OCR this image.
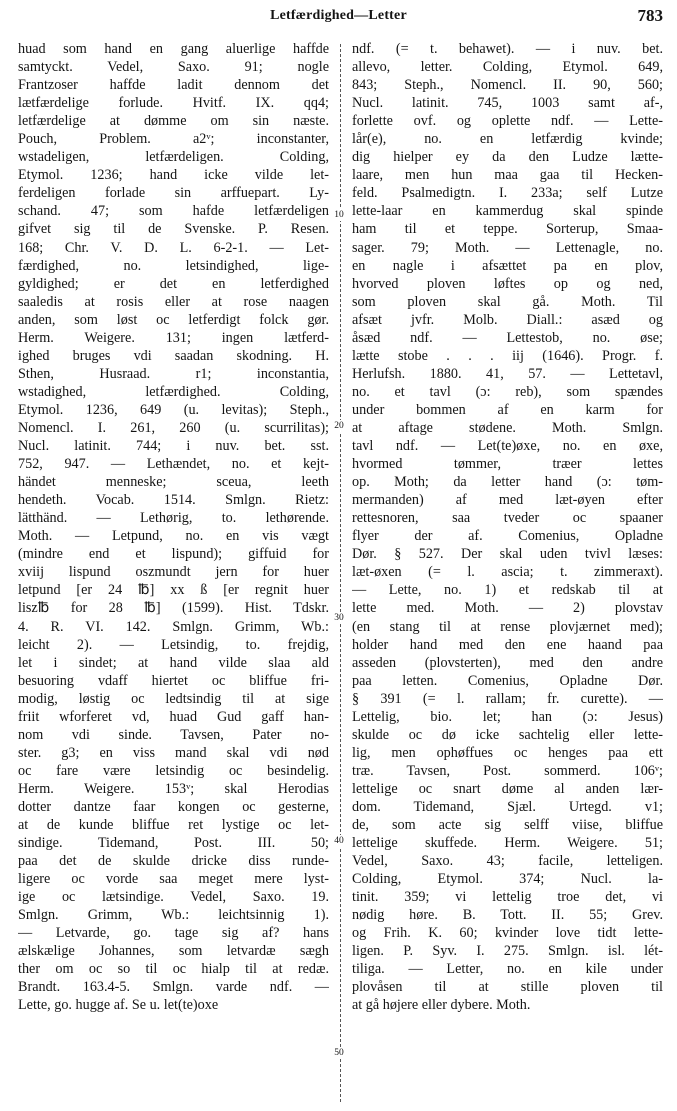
Letfærdighed—Letter	783
huad som hand en gang aluerlige haffde
samtyckt. Vedel, Saxo. 91; nogle
Frantzoser haffde ladit dennom det
lætfærdelige forlude. Hvitf. IX. qq4;
letfærdelige at dømme om sin næste.
Pouch, Problem. a2ᵛ; inconstanter,
wstadeligen, letfærdeligen. Colding,
Etymol. 1236; hand icke vilde let-
ferdeligen forlade sin arffuepart. Ly-
schand. 47; som hafde letfærdeligen
gifvet sig til de Svenske. P. Resen.
168; Chr. V. D. L. 6-2-1. — Let-
færdighed, no. letsindighed, lige-
gyldighed; er det en letferdighed
saaledis at rosis eller at rose naagen
anden, som løst oc letferdigt folck gør.
Herm. Weigere. 131; ingen lætferd-
ighed bruges vdi saadan skodning. H.
Sthen, Husraad. r1; inconstantia,
wstadighed, letfærdighed. Colding,
Etymol. 1236, 649 (u. levitas); Steph.,
Nomencl. I. 261, 260 (u. scurrilitas);
Nucl. latinit. 744; i nuv. bet. sst.
752, 947. — Lethændet, no. et kejt-
händet menneske; sceua, leeth
hendeth. Vocab. 1514. Smlgn. Rietz:
lätthänd. — Lethørig, to. lethørende.
Moth. — Letpund, no. en vis vægt
(mindre end et lispund); giffuid for
xviij lispund oszmundt jern for huer
letpund [er 24 ℔] xx ß [er regnit huer
lisz℔ for 28 ℔] (1599). Hist. Tdskr.
4. R. VI. 142. Smlgn. Grimm, Wb.:
leicht 2). — Letsindig, to. frejdig,
let i sindet; at hand vilde slaa ald
besuoring vdaff hiertet oc bliffue fri-
modig, løstig oc ledtsindig til at sige
friit wforferet vd, huad Gud gaff han-
nom vdi sinde. Tavsen, Pater no-
ster. g3; en viss mand skal vdi nød
oc fare være letsindig oc besindelig.
Herm. Weigere. 153ᵛ; skal Herodias
dotter dantze faar kongen oc gesterne,
at de kunde bliffue ret lystige oc let-
sindige. Tidemand, Post. III. 50;
paa det de skulde dricke diss runde-
ligere oc vorde saa meget mere lyst-
ige oc lætsindige. Vedel, Saxo. 19.
Smlgn. Grimm, Wb.: leichtsinnig 1).
— Letvarde, go. tage sig af? hans
ælskælige Johannes, som letvardæ sægh
ther om oc so til oc hialp til at redæ.
Brandt. 163.4-5. Smlgn. varde ndf. —
Lette, go. hugge af. Se u. let(te)oxe
ndf. (= t. behawet). — i nuv. bet.
allevo, letter. Colding, Etymol. 649,
843; Steph., Nomencl. II. 90, 560;
Nucl. latinit. 745, 1003 samt af-,
forlette ovf. og oplette ndf. — Lette-
lår(e), no. en letfærdig kvinde;
dig hielper ey da den Ludze lætte-
laare, men hun maa gaa til Hecken-
feld. Psalmedigtn. I. 233a; self Lutze
lette-laar en kammerdug skal spinde
ham til et teppe. Sorterup, Smaa-
sager. 79; Moth. — Lettenagle, no.
en nagle i afsættet pa en plov,
hvorved ploven løftes op og ned,
som ploven skal gå. Moth. Til
afsæt jvfr. Molb. Diall.: asæd og
åsæd ndf. — Lettestob, no. øse;
lætte stobe . . . iij (1646). Progr. f.
Herlufsh. 1880. 41, 57. — Lettetavl,
no. et tavl (ɔ: reb), som spændes
under bommen af en karm for
at aftage stødene. Moth. Smlgn.
tavl ndf. — Let(te)øxe, no. en øxe,
hvormed tømmer, træer lettes
op. Moth; da letter hand (ɔ: tøm-
mermanden) af med læt-øyen efter
rettesnoren, saa tveder oc spaaner
flyer der af. Comenius, Opladne
Dør. § 527. Der skal uden tvivl læses:
læt-øxen (= l. ascia; t. zimmeraxt).
— Lette, no. 1) et redskab til at
lette med. Moth. — 2) plovstav
(en stang til at rense plovjærnet med);
holder hand med den ene haand paa
asseden (plovsterten), med den andre
paa letten. Comenius, Opladne Dør.
§ 391 (= l. rallam; fr. curette). —
Lettelig, bio. let; han (ɔ: Jesus)
skulde oc dø icke sachtelig eller lette-
lig, men ophøffues oc henges paa ett
træ. Tavsen, Post. sommerd. 106ᵛ;
lettelige oc snart døme al anden lær-
dom. Tidemand, Sjæl. Urtegd. v1;
de, som acte sig selff viise, bliffue
lettelige skuffede. Herm. Weigere. 51;
Vedel, Saxo. 43; facile, letteligen.
Colding, Etymol. 374; Nucl. la-
tinit. 359; vi lettelig troe det, vi
nødig høre. B. Tott. II. 55; Grev.
og Frih. K. 60; kvinder love tidt lette-
ligen. P. Syv. I. 275. Smlgn. isl. lét-
tiliga. — Letter, no. en kile under
plovåsen til at stille ploven til
at gå højere eller dybere. Moth.
10
20
30
40
50
